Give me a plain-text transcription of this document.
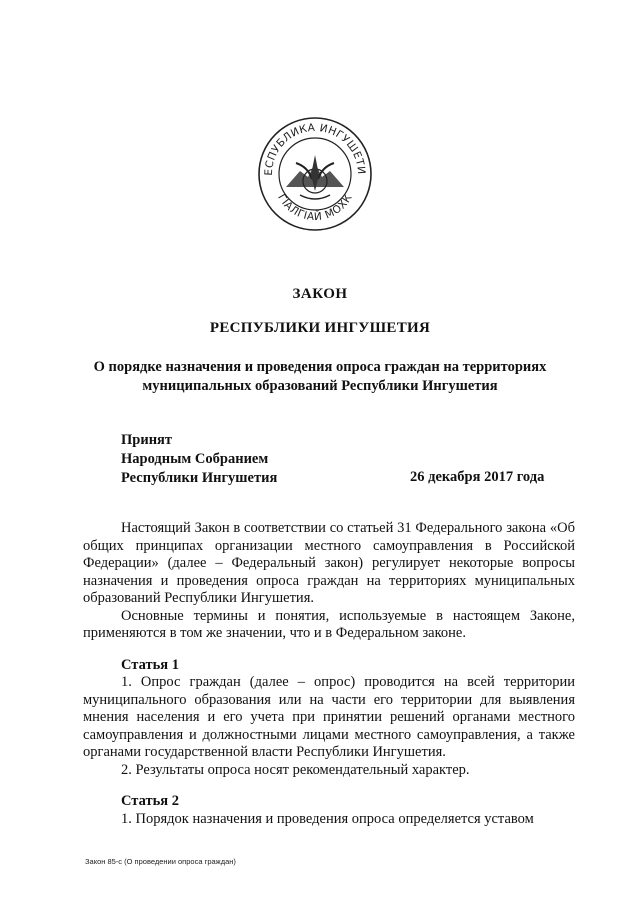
ЕСПУБЛИКА ИНГУШЕТИ
ГIАЛГIАЙ МОХК
ЗАКОН
РЕСПУБЛИКИ ИНГУШЕТИЯ
О порядке назначения и проведения опроса граждан на территориях
муниципальных образований Республики Ингушетия
Принят
Народным Собранием
Республики Ингушетия	26 декабря 2017 года

Настоящий Закон в соответствии со статьей 31 Федерального закона «Об общих принципах организации местного самоуправления в Российской Федерации» (далее – Федеральный закон) регулирует некоторые вопросы назначения и проведения опроса граждан на территориях муниципальных образований Республики Ингушетия.

Основные термины и понятия, используемые в настоящем Законе, применяются в том же значении, что и в Федеральном законе.

Статья 1

1. Опрос граждан (далее – опрос) проводится на всей территории муниципального образования или на части его территории для выявления мнения населения и его учета при принятии решений органами местного самоуправления и должностными лицами местного самоуправления, а также органами государственной власти Республики Ингушетия.

2. Результаты опроса носят рекомендательный характер.

Статья 2

1. Порядок назначения и проведения опроса определяется уставом

Закон 85-с (О проведении опроса граждан)
